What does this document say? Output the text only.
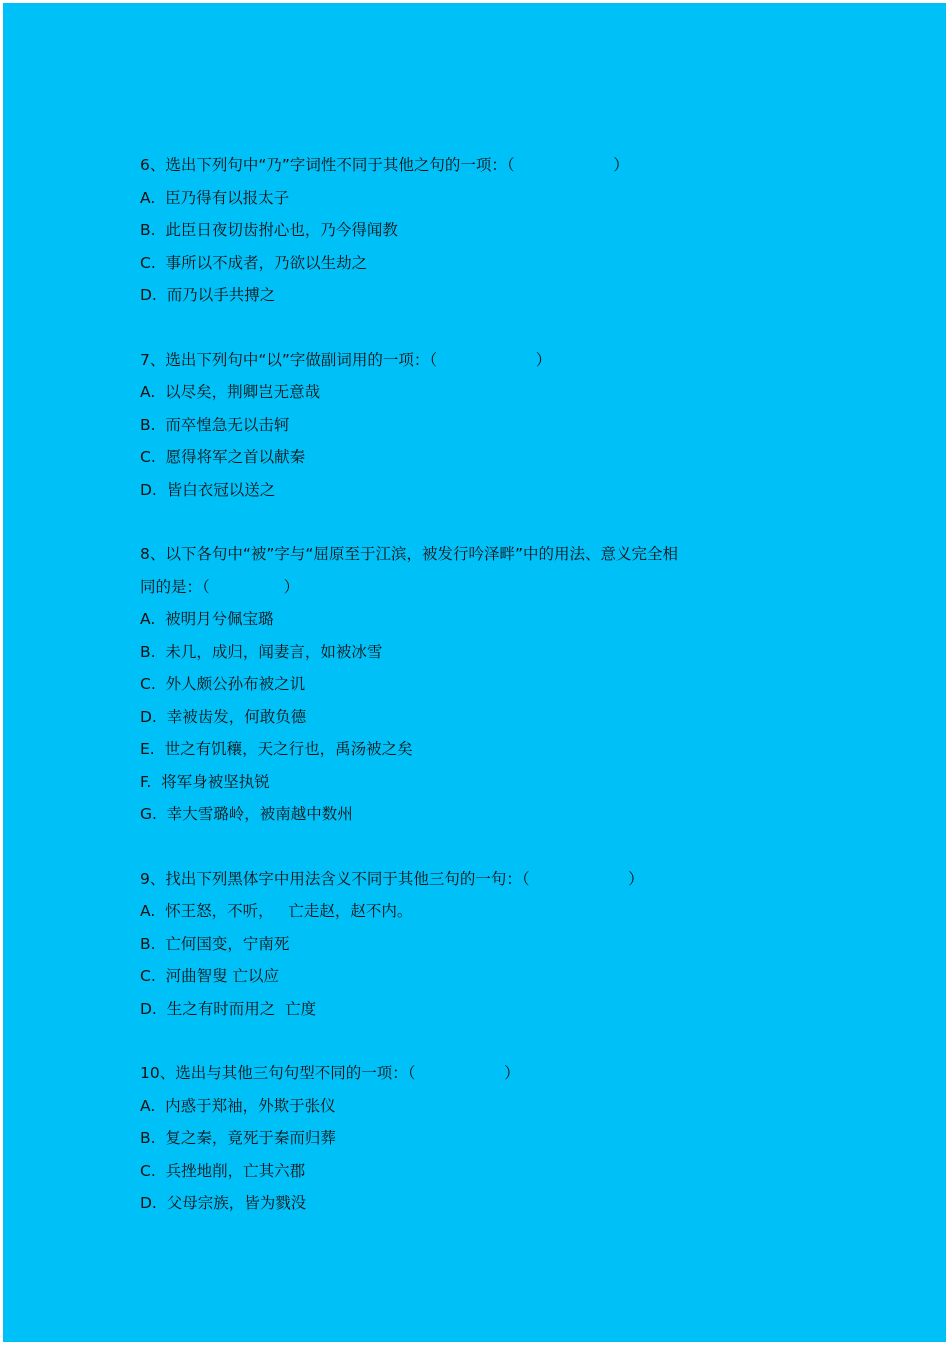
6、选出下列句中“乃”字词性不同于其他之句的一项：（                    ）
A.  臣乃得有以报太子
B.  此臣日夜切齿拊心也，乃今得闻教
C.  事所以不成者，乃欲以生劫之
D.  而乃以手共搏之
7、选出下列句中“以”字做副词用的一项：（                    ）
A.  以尽矣，荆卿岂无意哉
B.  而卒惶急无以击轲
C.  愿得将军之首以献秦
D.  皆白衣冠以送之
8、以下各句中“被”字与“屈原至于江滨，被发行吟泽畔”中的用法、意义完全相
同的是：（               ）
A.  被明月兮佩宝璐
B.  未几，成归，闻妻言，如被冰雪
C.  外人颇公孙布被之讥
D.  幸被齿发，何敢负德
E.  世之有饥穰，天之行也，禹汤被之矣
F.  将军身被坚执锐
G.  幸大雪璐岭，被南越中数州
9、找出下列黑体字中用法含义不同于其他三句的一句：（                    ）
A.  怀王怒，不听，   亡走赵，赵不内。
B.  亡何国变，宁南死
C.  河曲智叟 亡以应
D.  生之有时而用之  亡度
10、选出与其他三句句型不同的一项：（                  ）
A.  内惑于郑袖，外欺于张仪
B.  复之秦，竟死于秦而归葬
C.  兵挫地削，亡其六郡
D.  父母宗族，皆为戮没
